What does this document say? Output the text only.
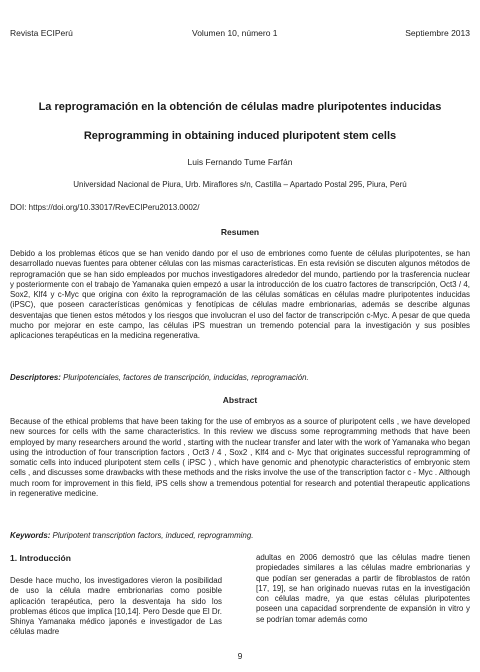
Revista ECIPerú	Volumen 10, número 1	Septiembre 2013
La reprogramación en la obtención de células madre pluripotentes inducidas
Reprogramming in obtaining induced pluripotent stem cells
Luis Fernando Tume Farfán
Universidad Nacional de Piura, Urb. Miraflores s/n, Castilla – Apartado Postal 295, Piura, Perú
DOI: https://doi.org/10.33017/RevECIPeru2013.0002/
Resumen

Debido a los problemas éticos que se han venido dando por el uso de embriones como fuente de células pluripotentes, se han desarrollado nuevas fuentes para obtener células con las mismas características. En esta revisión se discuten algunos métodos de reprogramación que se han sido empleados por muchos investigadores alrededor del mundo, partiendo por la trasferencia nuclear y posteriormente con el trabajo de Yamanaka quien empezó a usar la introducción de los cuatro factores de transcripción, Oct3 / 4, Sox2, Klf4 y c-Myc que origina con éxito la reprogramación de las células somáticas en células madre pluripotentes inducidas (iPSC), que poseen características genómicas y fenotípicas de células madre embrionarias, además se describe algunas desventajas que tienen estos métodos y los riesgos que involucran el uso del factor de transcripción c-Myc. A pesar de que queda mucho por mejorar en este campo, las células iPS muestran un tremendo potencial para la investigación y sus posibles aplicaciones terapéuticas en la medicina regenerativa.

Descriptores: Pluripotenciales, factores de transcripción, inducidas, reprogramación.
Abstract

Because of the ethical problems that have been taking for the use of embryos as a source of pluripotent cells , we have developed new sources for cells with the same characteristics. In this review we discuss some reprogramming methods that have been employed by many researchers around the world , starting with the nuclear transfer and later with the work of Yamanaka who began using the introduction of four transcription factors , Oct3 / 4 , Sox2 , Klf4 and c- Myc that originates successful reprogramming of somatic cells into induced pluripotent stem cells ( iPSC ) , which have genomic and phenotypic characteristics of embryonic stem cells , and discusses some drawbacks with these methods and the risks involve the use of the transcription factor c - Myc . Although much room for improvement in this field, iPS cells show a tremendous potential for research and potential therapeutic applications in regenerative medicine.

Keywords: Pluripotent transcription factors, induced, reprogramming.
1. Introducción

Desde hace mucho, los investigadores vieron la posibilidad de uso la célula madre embrionarias como posible aplicación terapéutica, pero la desventaja ha sido los problemas éticos que implica [10,14]. Pero Desde que El Dr. Shinya Yamanaka médico japonés e investigador de Las células madre

adultas en 2006 demostró que las células madre tienen propiedades similares a las células madre embrionarias y que podían ser generadas a partir de fibroblastos de ratón [17, 19], se han originado nuevas rutas en la investigación con células madre, ya que estas células pluripotentes poseen una capacidad sorprendente de expansión in vitro y se podrían tomar además como

9
